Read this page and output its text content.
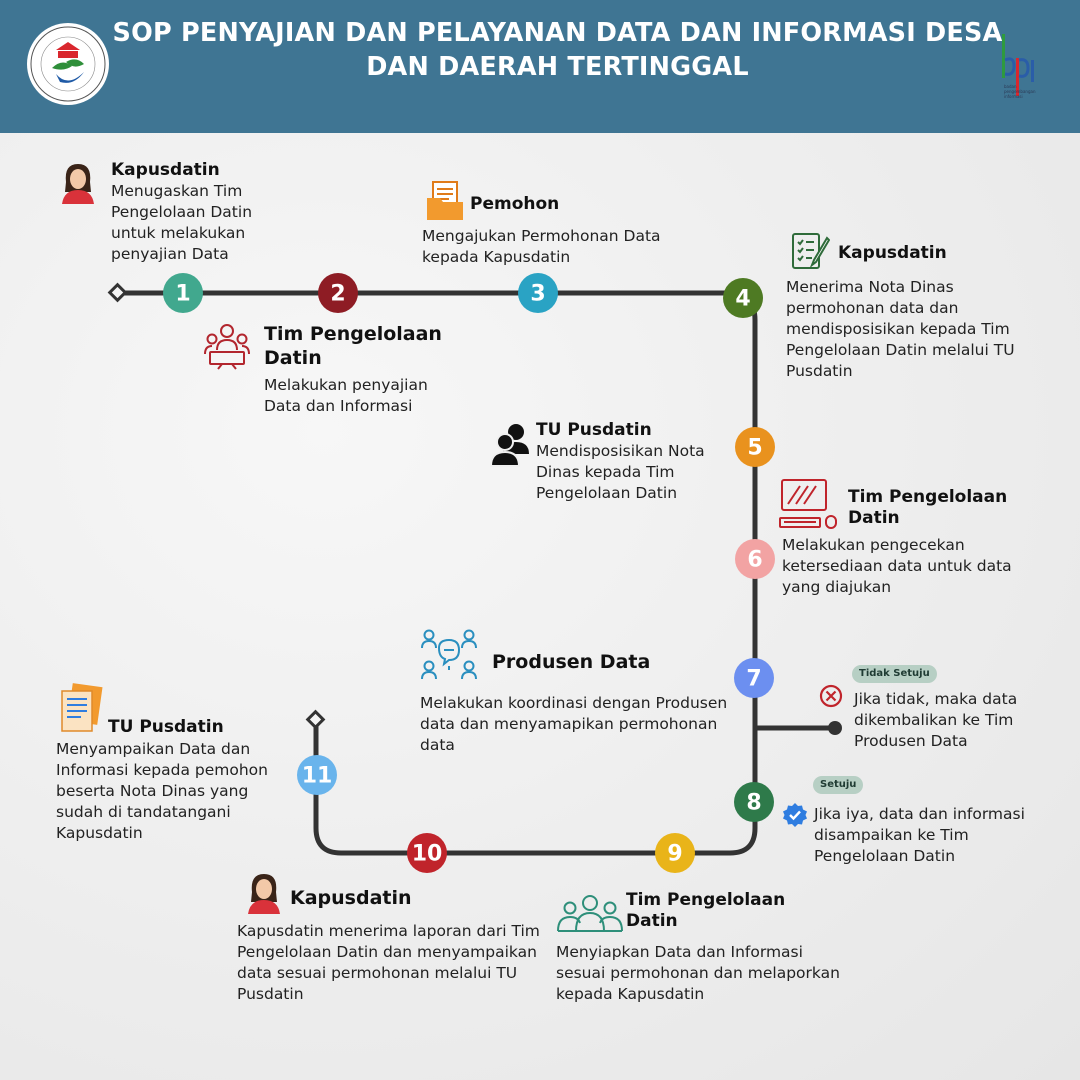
SOP PENYAJIAN DAN PELAYANAN DATA DAN INFORMASI DESA
DAN DAERAH TERTINGGAL
badan pengembangan informasi
1	2	3	4
5
6
7
8
9
10
11
Kapusdatin
Menugaskan Tim Pengelolaan Datin untuk melakukan penyajian Data
Tim Pengelolaan Datin
Melakukan penyajian Data dan Informasi
Pemohon
Mengajukan Permohonan Data kepada Kapusdatin	Kapusdatin
Menerima Nota Dinas permohonan data dan mendisposisikan kepada Tim Pengelolaan Datin melalui TU Pusdatin
TU Pusdatin
Mendisposisikan Nota Dinas kepada Tim Pengelolaan Datin	Tim Pengelolaan Datin
Melakukan pengecekan ketersediaan data untuk data yang diajukan
Produsen Data
Melakukan koordinasi dengan Produsen data dan menyamapikan permohonan data
Tidak Setuju
Jika tidak, maka data dikembalikan ke Tim Produsen Data
Setuju
Jika iya, data dan informasi disampaikan ke Tim Pengelolaan Datin
Tim Pengelolaan Datin
Menyiapkan Data dan Informasi sesuai permohonan dan melaporkan kepada Kapusdatin
Kapusdatin
Kapusdatin menerima laporan dari Tim Pengelolaan Datin dan menyampaikan data sesuai permohonan melalui TU Pusdatin
TU Pusdatin
Menyampaikan Data dan Informasi kepada pemohon beserta Nota Dinas yang sudah di tandatangani Kapusdatin
